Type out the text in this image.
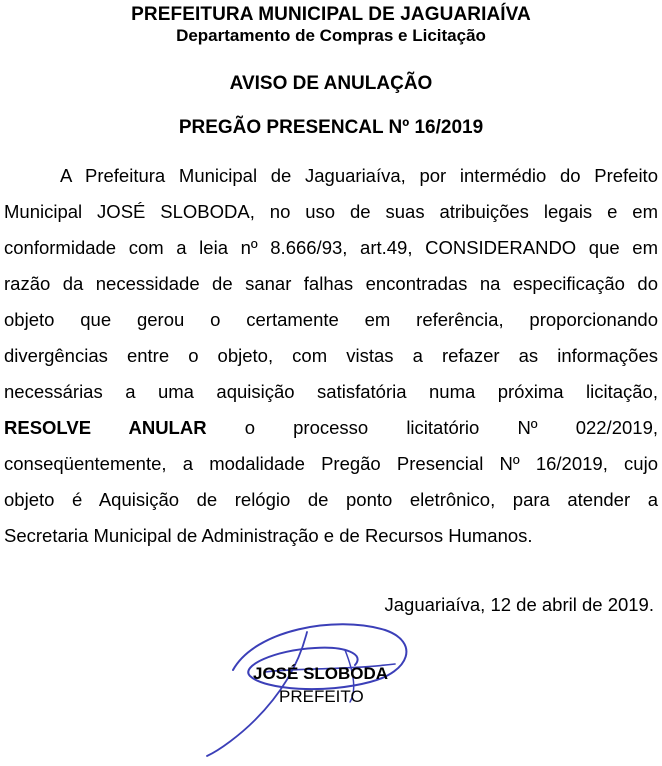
PREFEITURA MUNICIPAL DE JAGUARIAÍVA
Departamento de Compras e Licitação
AVISO DE ANULAÇÃO
PREGÃO PRESENCAL Nº 16/2019
A Prefeitura Municipal de Jaguariaíva, por intermédio do Prefeito
Municipal JOSÉ SLOBODA, no uso de suas atribuições legais e em
conformidade com a leia nº 8.666/93, art.49, CONSIDERANDO que em
razão da necessidade de sanar falhas encontradas na especificação do
objeto que gerou o certamente em referência, proporcionando
divergências entre o objeto, com vistas a refazer as informações
necessárias a uma aquisição satisfatória numa próxima licitação,
RESOLVE ANULAR o processo licitatório Nº 022/2019,
conseqüentemente, a modalidade Pregão Presencial Nº 16/2019, cujo
objeto é Aquisição de relógio de ponto eletrônico, para atender a
Secretaria Municipal de Administração e de Recursos Humanos.
Jaguariaíva, 12 de abril de 2019.
JOSÉ SLOBODA
PREFEITO
